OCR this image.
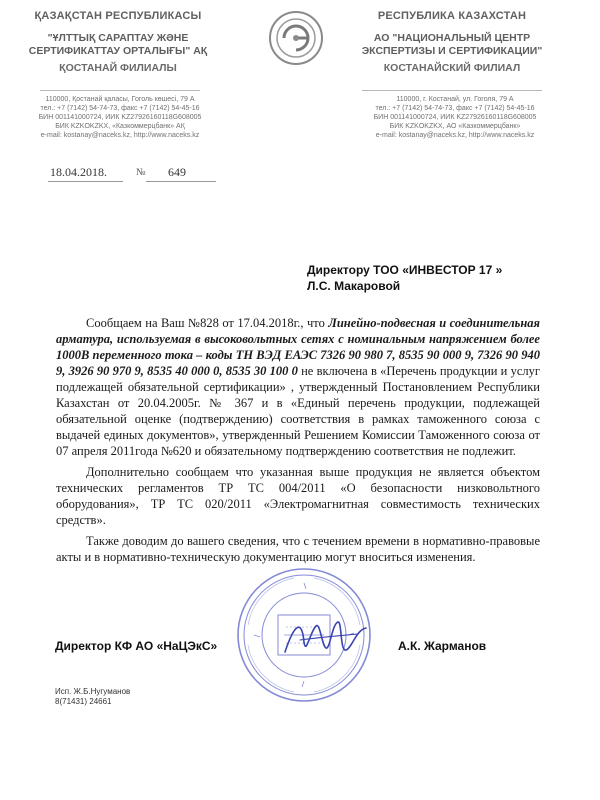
ҚАЗАҚСТАН РЕСПУБЛИКАСЫ
"ҰЛТТЫҚ САРАПТАУ ЖӘНЕ
СЕРТИФИКАТТАУ ОРТАЛЫҒЫ" АҚ
ҚОСТАНАЙ ФИЛИАЛЫ
РЕСПУБЛИКА КАЗАХСТАН
АО "НАЦИОНАЛЬНЫЙ ЦЕНТР
ЭКСПЕРТИЗЫ И СЕРТИФИКАЦИИ"
КОСТАНАЙСКИЙ ФИЛИАЛ
110000, Қостанай қаласы, Гоголь көшесі, 79 А
тел.: +7 (7142) 54-74-73, факс +7 (7142) 54-45-16
БИН 001141000724, ИИК KZ27926160118G608005
БИК KZKOKZKX, «Казкоммерцбанк» АҚ
e-mail: kostanay@naceks.kz, http://www.naceks.kz
110000, г. Костанай, ул. Гоголя, 79 А
тел.: +7 (7142) 54-74-73, факс +7 (7142) 54-45-16
БИН 001141000724, ИИК KZ27926160118G608005
БИК KZKOKZKX, АО «Казкоммерцбанк»
e-mail: kostanay@naceks.kz, http://www.naceks.kz
18.04.2018.	№ 649
Директору ТОО «ИНВЕСТОР 17 »
Л.С. Макаровой

Сообщаем на Ваш №828 от 17.04.2018г., что Линейно-подвесная и соединительная арматура, используемая в высоковольтных сетях с номинальным напряжением более 1000В переменного тока – коды ТН ВЭД ЕАЭС 7326 90 980 7, 8535 90 000 9, 7326 90 940 9, 3926 90 970 9, 8535 40 000 0, 8535 30 100 0 не включена в «Перечень продукции и услуг подлежащей обязательной сертификации» , утвержденный Постановлением Республики Казахстан от 20.04.2005г. № 367 и в «Единый перечень продукции, подлежащей обязательной оценке (подтверждению) соответствия в рамках таможенного союза с выдачей единых документов», утвержденный Решением Комиссии Таможенного союза от 07 апреля 2011года №620 и обязательному подтверждению соответствия не подлежит.

Дополнительно сообщаем что указанная выше продукция не является объектом технических регламентов ТР ТС 004/2011 «О безопасности низковольтного оборудования», ТР ТС 020/2011 «Электромагнитная совместимость технических средств».

Также доводим до вашего сведения, что с течением времени в нормативно-правовые акты и в нормативно-техническую документацию могут вноситься изменения.

Директор КФ АО «НаЦЭкС»	А.К. Жарманов
Исп. Ж.Б.Нугуманов
8(71431) 24661
